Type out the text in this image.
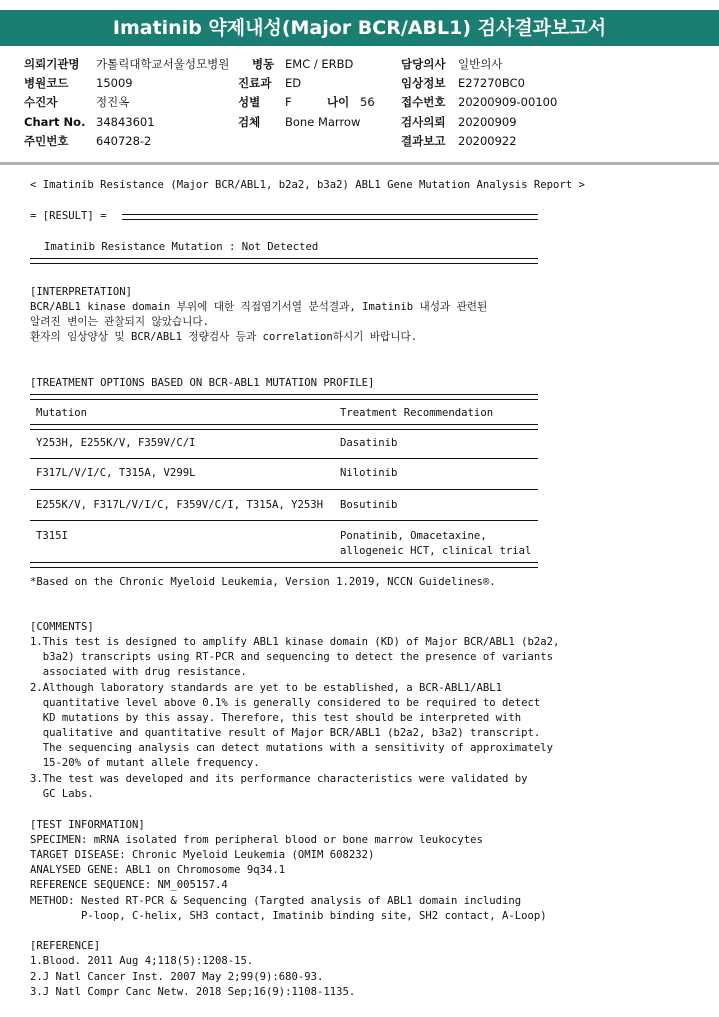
Imatinib 약제내성(Major BCR/ABL1) 검사결과보고서
의뢰기관명 가톨릭대학교서울성모병원
병원코드 15009
수진자	정진옥
Chart No. 34843601
주민번호 640728-2
병동 EMC / ERBD
진료과 ED
성별 F	나이 56
검체 Bone Marrow
담당의사 일반의사
임상정보 E27270BC0
접수번호 20200909-00100
검사의뢰 20200909
결과보고 20200922
< Imatinib Resistance (Major BCR/ABL1, b2a2, b3a2) ABL1 Gene Mutation Analysis Report >
= [RESULT] =
Imatinib Resistance Mutation : Not Detected
[INTERPRETATION]
BCR/ABL1 kinase domain 부위에 대한 직접염기서열 분석결과, Imatinib 내성과 관련된
알려진 변이는 관찰되지 않았습니다.
환자의 임상양상 및 BCR/ABL1 정량검사 등과 correlation하시기 바랍니다.
[TREATMENT OPTIONS BASED ON BCR-ABL1 MUTATION PROFILE]
Mutation	Treatment Recommendation
Y253H, E255K/V, F359V/C/I	Dasatinib
F317L/V/I/C, T315A, V299L	Nilotinib
E255K/V, F317L/V/I/C, F359V/C/I, T315A, Y253H Bosutinib
T315I	Ponatinib, Omacetaxine,
allogeneic HCT, clinical trial
*Based on the Chronic Myeloid Leukemia, Version 1.2019, NCCN Guidelines®.
[COMMENTS]
1.This test is designed to amplify ABL1 kinase domain (KD) of Major BCR/ABL1 (b2a2,
b3a2) transcripts using RT-PCR and sequencing to detect the presence of variants
associated with drug resistance.
2.Although laboratory standards are yet to be established, a BCR-ABL1/ABL1
quantitative level above 0.1% is generally considered to be required to detect
KD mutations by this assay. Therefore, this test should be interpreted with
qualitative and quantitative result of Major BCR/ABL1 (b2a2, b3a2) transcript.
The sequencing analysis can detect mutations with a sensitivity of approximately
15-20% of mutant allele frequency.
3.The test was developed and its performance characteristics were validated by
GC Labs.
[TEST INFORMATION]
SPECIMEN: mRNA isolated from peripheral blood or bone marrow leukocytes
TARGET DISEASE: Chronic Myeloid Leukemia (OMIM 608232)
ANALYSED GENE: ABL1 on Chromosome 9q34.1
REFERENCE SEQUENCE: NM_005157.4
METHOD: Nested RT-PCR & Sequencing (Targted analysis of ABL1 domain including
P-loop, C-helix, SH3 contact, Imatinib binding site, SH2 contact, A-Loop)
[REFERENCE]
1.Blood. 2011 Aug 4;118(5):1208-15.
2.J Natl Cancer Inst. 2007 May 2;99(9):680-93.
3.J Natl Compr Canc Netw. 2018 Sep;16(9):1108-1135.
